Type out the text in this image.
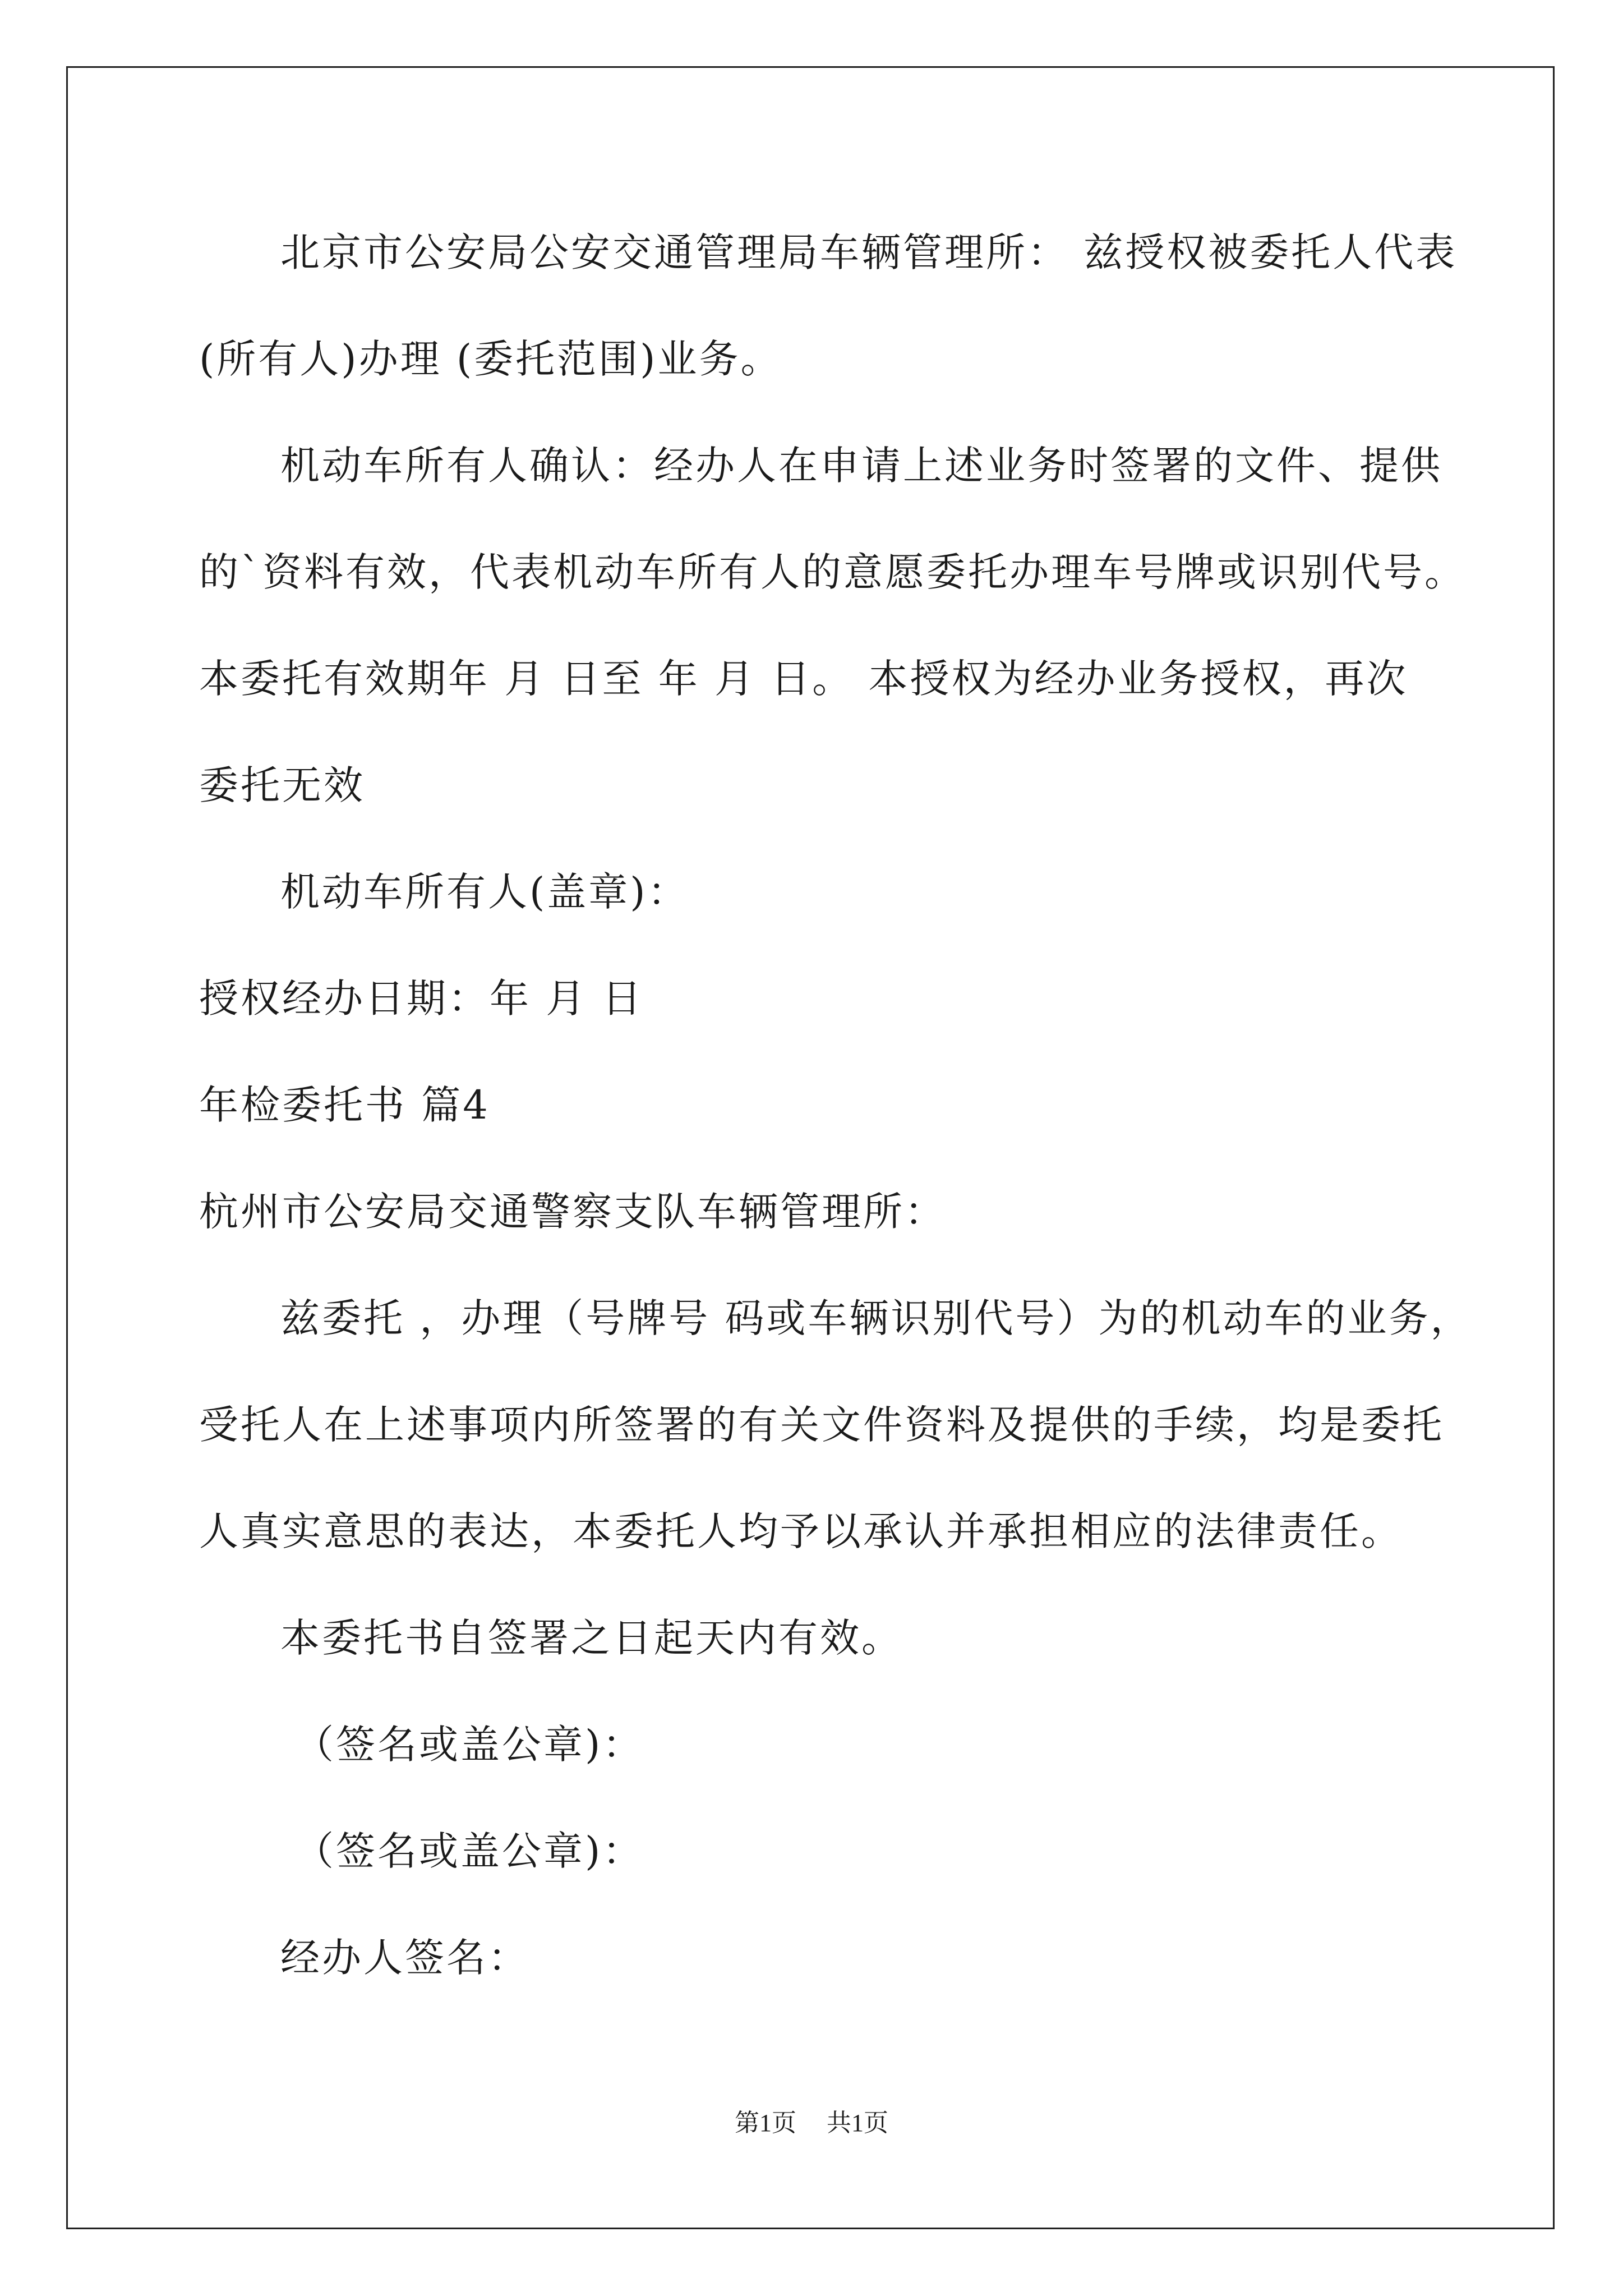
北京市公安局公安交通管理局车辆管理所： 兹授权被委托人代表
(所有人)办理 (委托范围)业务。
机动车所有人确认：经办人在申请上述业务时签署的文件、提供
的`资料有效，代表机动车所有人的意愿委托办理车号牌或识别代号。
本委托有效期年 月 日至 年 月 日。 本授权为经办业务授权，再次
委托无效
机动车所有人(盖章)：
授权经办日期：年 月 日
年检委托书 篇4
杭州市公安局交通警察支队车辆管理所：
兹委托 ，办理（号牌号 码或车辆识别代号）为的机动车的业务，
受托人在上述事项内所签署的有关文件资料及提供的手续，均是委托
人真实意思的表达，本委托人均予以承认并承担相应的法律责任。
本委托书自签署之日起天内有效。
（签名或盖公章)：
（签名或盖公章)：
经办人签名：
第1页 共1页
